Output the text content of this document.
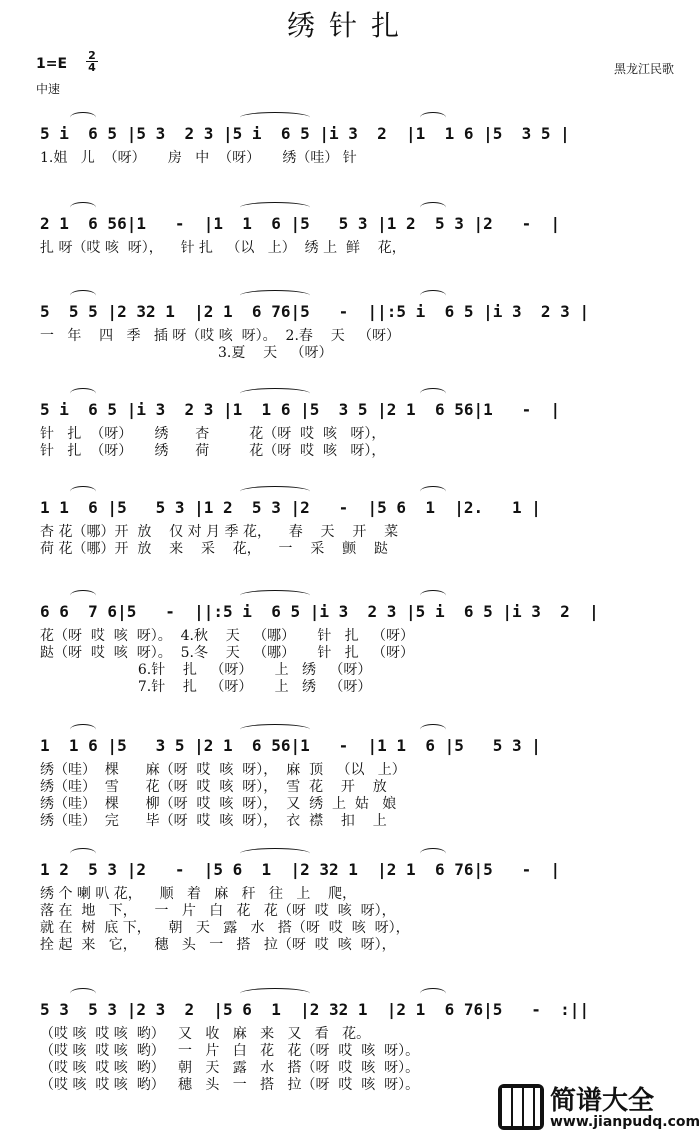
绣针扎
1=E
2
4
中速
黑龙江民歌
5 i  6 5 |5 3  2 3 |5 i  6 5 |i 3  2  |1  1 6 |5  3 5 |
1.姐   儿  （呀）     房   中  （呀）     绣（哇） 针
2 1  6 56|1   -  |1  1  6 |5   5 3 |1 2  5 3 |2   -  |
扎 呀（哎 咳  呀），    针 扎   （以   上）  绣 上  鲜    花，
5  5 5 |2 32 1  |2 1  6 76|5   -  ||:5 i  6 5 |i 3  2 3 |
一   年    四   季   插 呀（哎 咳  呀）。  2.春    天   （呀）
3.夏    天   （呀）
5 i  6 5 |i 3  2 3 |1  1 6 |5  3 5 |2 1  6 56|1   -  |
针   扎  （呀）     绣      杏         花（呀  哎  咳   呀），
针   扎  （呀）     绣      荷         花（呀  哎  咳   呀），
1 1  6 |5   5 3 |1 2  5 3 |2   -  |5 6  1  |2.   1 |
杏 花（哪）开  放    仅 对 月 季 花，    春    天    开    菜
荷 花（哪）开  放    来    采    花，    一    采    颤    跶
6 6  7 6|5   -  ||:5 i  6 5 |i 3  2 3 |5 i  6 5 |i 3  2  |
花（呀  哎  咳  呀）。  4.秋    天   （哪）     针   扎   （呀）
跶（呀  哎  咳  呀）。  5.冬    天   （哪）     针   扎   （呀）
6.针    扎   （呀）     上   绣   （呀）
7.针    扎   （呀）     上   绣   （呀）
1  1 6 |5   3 5 |2 1  6 56|1   -  |1 1  6 |5   5 3 |
绣（哇）  棵      麻（呀  哎  咳  呀），  麻  顶   （以   上）
绣（哇）  雪      花（呀  哎  咳  呀），  雪  花    开    放
绣（哇）  棵      柳（呀  哎  咳  呀），  又  绣  上  姑   娘
绣（哇）  完      毕（呀  哎  咳  呀），  衣  襟    扣    上
1 2  5 3 |2   -  |5 6  1  |2 32 1  |2 1  6 76|5   -  |
绣 个 喇 叭 花，    顺   着   麻   秆   往   上    爬，
落 在  地   下，    一   片   白   花   花（呀  哎  咳  呀），
就 在  树  底 下，    朝   天   露   水   搭（呀  哎  咳  呀），
拴 起  来   它，    穗   头   一   搭   拉（呀  哎  咳  呀），
5 3  5 3 |2 3  2  |5 6  1  |2 32 1  |2 1  6 76|5   -  :||
（哎 咳  哎 咳  哟）   又   收   麻   来   又   看   花。
（哎 咳  哎 咳  哟）   一   片   白   花   花（呀  哎  咳  呀）。
（哎 咳  哎 咳  哟）   朝   天   露   水   搭（呀  哎  咳  呀）。
（哎 咳  哎 咳  哟）   穗   头   一   搭   拉（呀  哎  咳  呀）。
简谱大全
www.jianpudq.com
